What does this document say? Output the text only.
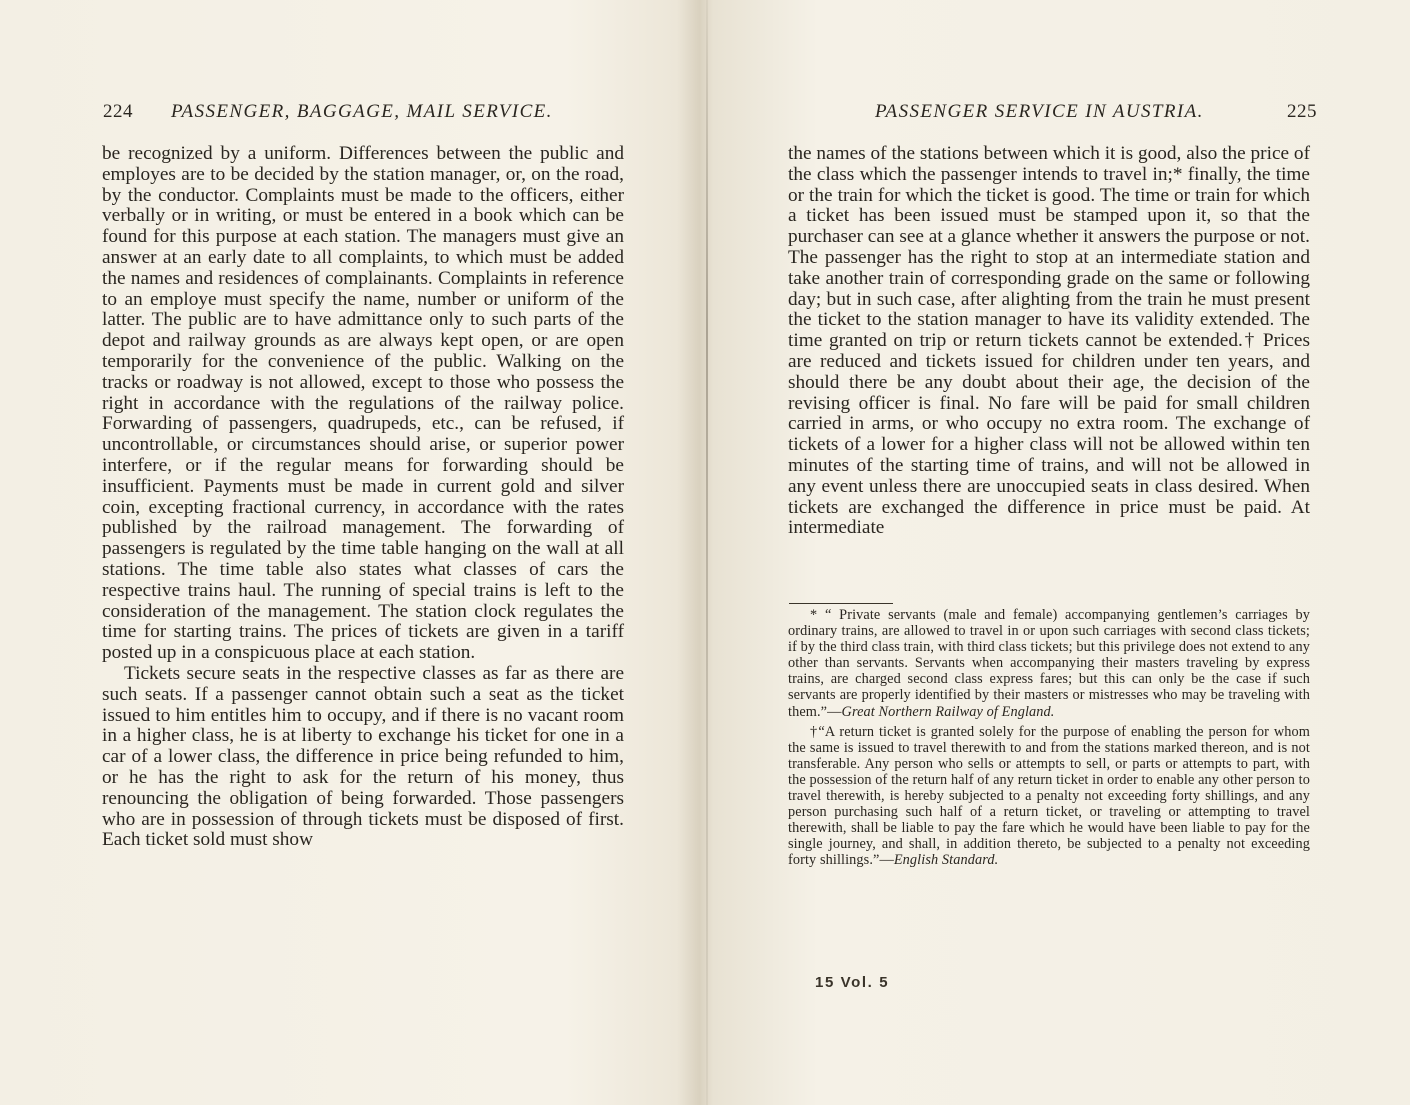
224 PASSENGER, BAGGAGE, MAIL SERVICE.

be recognized by a uniform. Differences between the public and employes are to be decided by the station manager, or, on the road, by the conductor. Complaints must be made to the officers, either verbally or in writing, or must be entered in a book which can be found for this purpose at each station. The managers must give an answer at an early date to all complaints, to which must be added the names and residences of complainants. Complaints in reference to an employe must specify the name, number or uniform of the latter. The public are to have admittance only to such parts of the depot and railway grounds as are always kept open, or are open temporarily for the convenience of the public. Walking on the tracks or roadway is not allowed, except to those who possess the right in accordance with the regulations of the railway police. Forwarding of passengers, quadrupeds, etc., can be refused, if uncontrollable, or circumstances should arise, or superior power interfere, or if the regular means for forwarding should be insufficient. Payments must be made in current gold and silver coin, excepting fractional currency, in accordance with the rates published by the railroad management. The forwarding of passengers is regulated by the time table hanging on the wall at all stations. The time table also states what classes of cars the respective trains haul. The running of special trains is left to the consideration of the management. The station clock regulates the time for starting trains. The prices of tickets are given in a tariff posted up in a conspicuous place at each station.

Tickets secure seats in the respective classes as far as there are such seats. If a passenger cannot obtain such a seat as the ticket issued to him entitles him to occupy, and if there is no vacant room in a higher class, he is at liberty to exchange his ticket for one in a car of a lower class, the difference in price being refunded to him, or he has the right to ask for the return of his money, thus renouncing the obligation of being forwarded. Those passengers who are in possession of through tickets must be disposed of first. Each ticket sold must show

PASSENGER SERVICE IN AUSTRIA.	225

the names of the stations between which it is good, also the price of the class which the passenger intends to travel in;* finally, the time or the train for which the ticket is good. The time or train for which a ticket has been issued must be stamped upon it, so that the purchaser can see at a glance whether it answers the purpose or not. The passenger has the right to stop at an intermediate station and take another train of corresponding grade on the same or following day; but in such case, after alighting from the train he must present the ticket to the station manager to have its validity extended. The time granted on trip or return tickets cannot be extended.† Prices are reduced and tickets issued for children under ten years, and should there be any doubt about their age, the decision of the revising officer is final. No fare will be paid for small children carried in arms, or who occupy no extra room. The exchange of tickets of a lower for a higher class will not be allowed within ten minutes of the starting time of trains, and will not be allowed in any event unless there are unoccupied seats in class desired. When tickets are exchanged the difference in price must be paid. At intermediate

* “ Private servants (male and female) accompanying gentlemen’s carriages by ordinary trains, are allowed to travel in or upon such carriages with second class tickets; if by the third class train, with third class tickets; but this privilege does not extend to any other than servants. Servants when accompanying their masters traveling by express trains, are charged second class express fares; but this can only be the case if such servants are properly identified by their masters or mistresses who may be traveling with them.”—Great Northern Railway of England.

†“A return ticket is granted solely for the purpose of enabling the person for whom the same is issued to travel therewith to and from the stations marked thereon, and is not transferable. Any person who sells or attempts to sell, or parts or attempts to part, with the possession of the return half of any return ticket in order to enable any other person to travel therewith, is hereby subjected to a penalty not exceeding forty shillings, and any person purchasing such half of a return ticket, or traveling or attempting to travel therewith, shall be liable to pay the fare which he would have been liable to pay for the single journey, and shall, in addition thereto, be subjected to a penalty not exceeding forty shillings.”—English Standard.

15 Vol. 5
